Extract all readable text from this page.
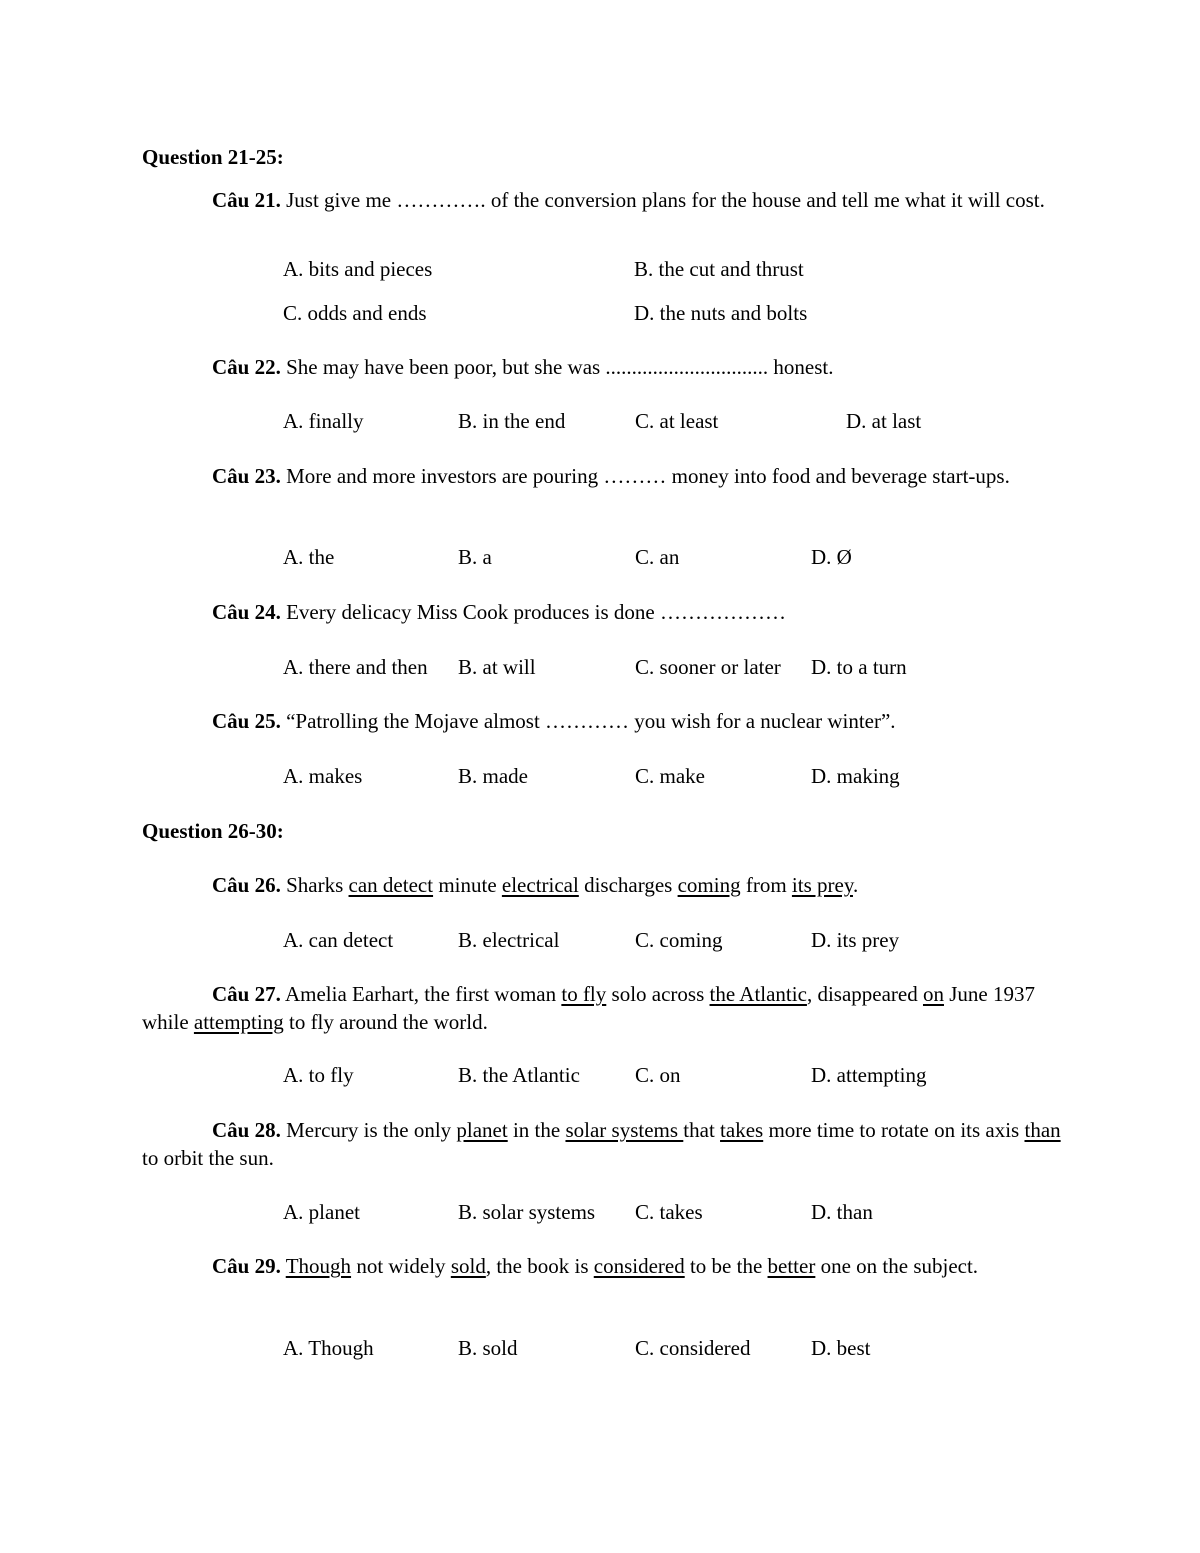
Question 21-25:
Câu 21. Just give me …………. of the conversion plans for the house and tell me what it will cost.
A. bits and pieces	B. the cut and thrust
C. odds and ends	D. the nuts and bolts
Câu 22. She may have been poor, but she was ............................... honest.
A. finally	B. in the end	C. at least	D. at last
Câu 23. More and more investors are pouring ……… money into food and beverage start-ups.
A. the	B. a	C. an	D. Ø
Câu 24. Every delicacy Miss Cook produces is done ………………
A. there and then B. at will	C. sooner or later D. to a turn
Câu 25. “Patrolling the Mojave almost ………… you wish for a nuclear winter”.
A. makes	B. made	C. make	D. making
Question 26-30:
Câu 26. Sharks can detect minute electrical discharges coming from its prey.
A. can detect	B. electrical	C. coming	D. its prey
Câu 27. Amelia Earhart, the first woman to fly solo across the Atlantic, disappeared on June 1937 while attempting to fly around the world.
A. to fly	B. the Atlantic	C. on	D. attempting
Câu 28. Mercury is the only planet in the solar systems that takes more time to rotate on its axis than to orbit the sun.
A. planet	B. solar systems C. takes	D. than
Câu 29. Though not widely sold, the book is considered to be the better one on the subject.
A. Though	B. sold	C. considered	D. best
